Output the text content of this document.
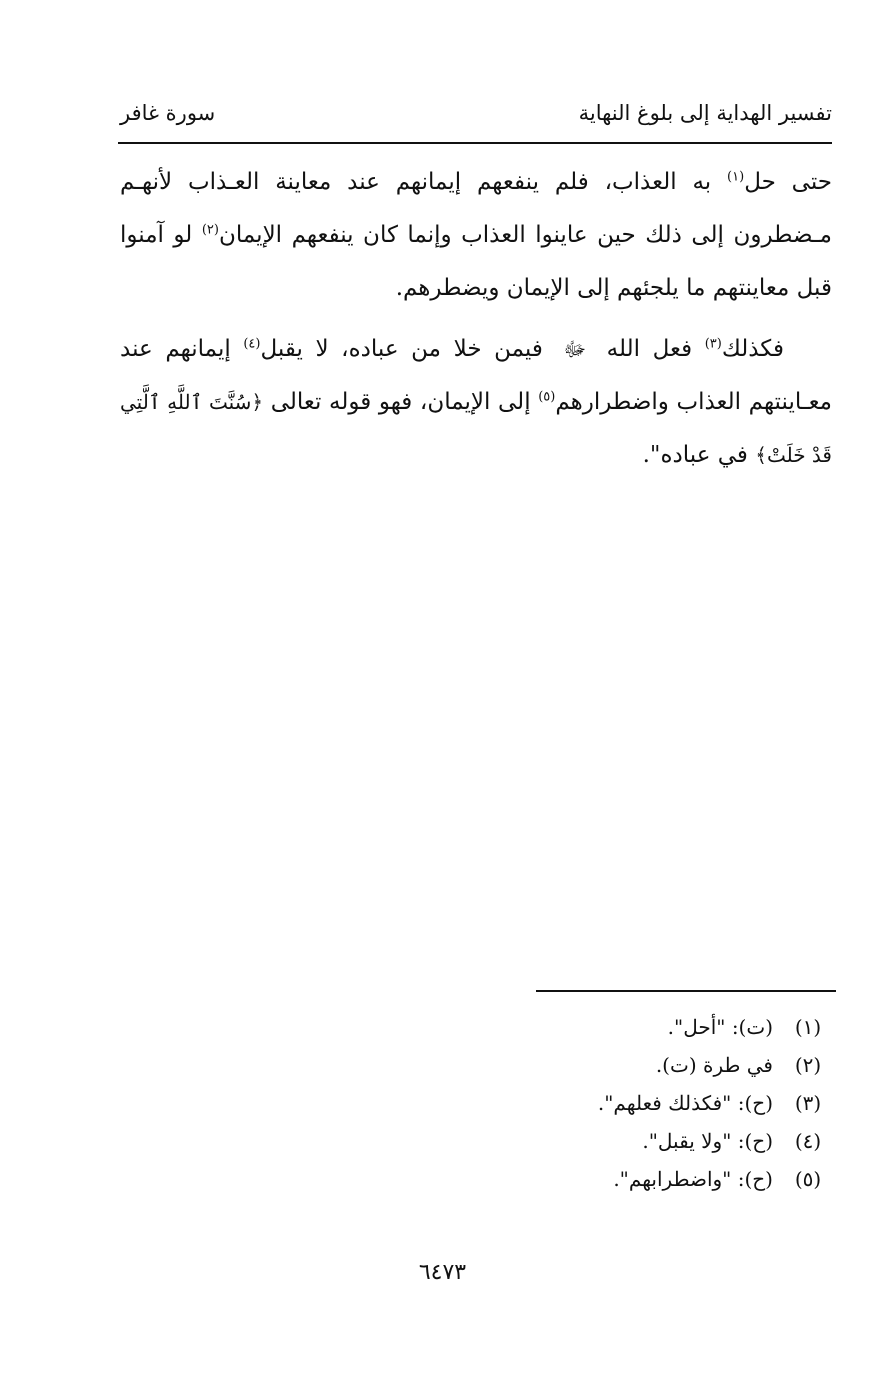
تفسير الهداية إلى بلوغ النهاية
سورة غافر

حتى حل$^{(١)}$ به العذاب، فلم ينفعهم إيمانهم عند معاينة العـذاب لأنهـم مـضطرون إلى ذلك حين عاينوا العذاب وإنما كان ينفعهم الإيمان$^{(٢)}$ لو آمنوا قبل معاينتهم ما يلجئهم إلى الإيمان ويضطرهم.

فكذلك$^{(٣)}$ فعل الله ﷻ فيمن خلا من عباده، لا يقبل$^{(٤)}$ إيمانهم عند معـاينتهم العذاب واضطرارهم$^{(٥)}$ إلى الإيمان، فهو قوله تعالى ﴿سُنَّتَ ٱللَّهِ ٱلَّتِي قَدْ خَلَتْ﴾ في عباده".

(١)
(ت): "أحل".
(٢)
في طرة (ت).
(٣)
(ح): "فكذلك فعلهم".
(٤)
(ح): "ولا يقبل".
(٥)
(ح): "واضطرابهم".
٦٤٧٣
